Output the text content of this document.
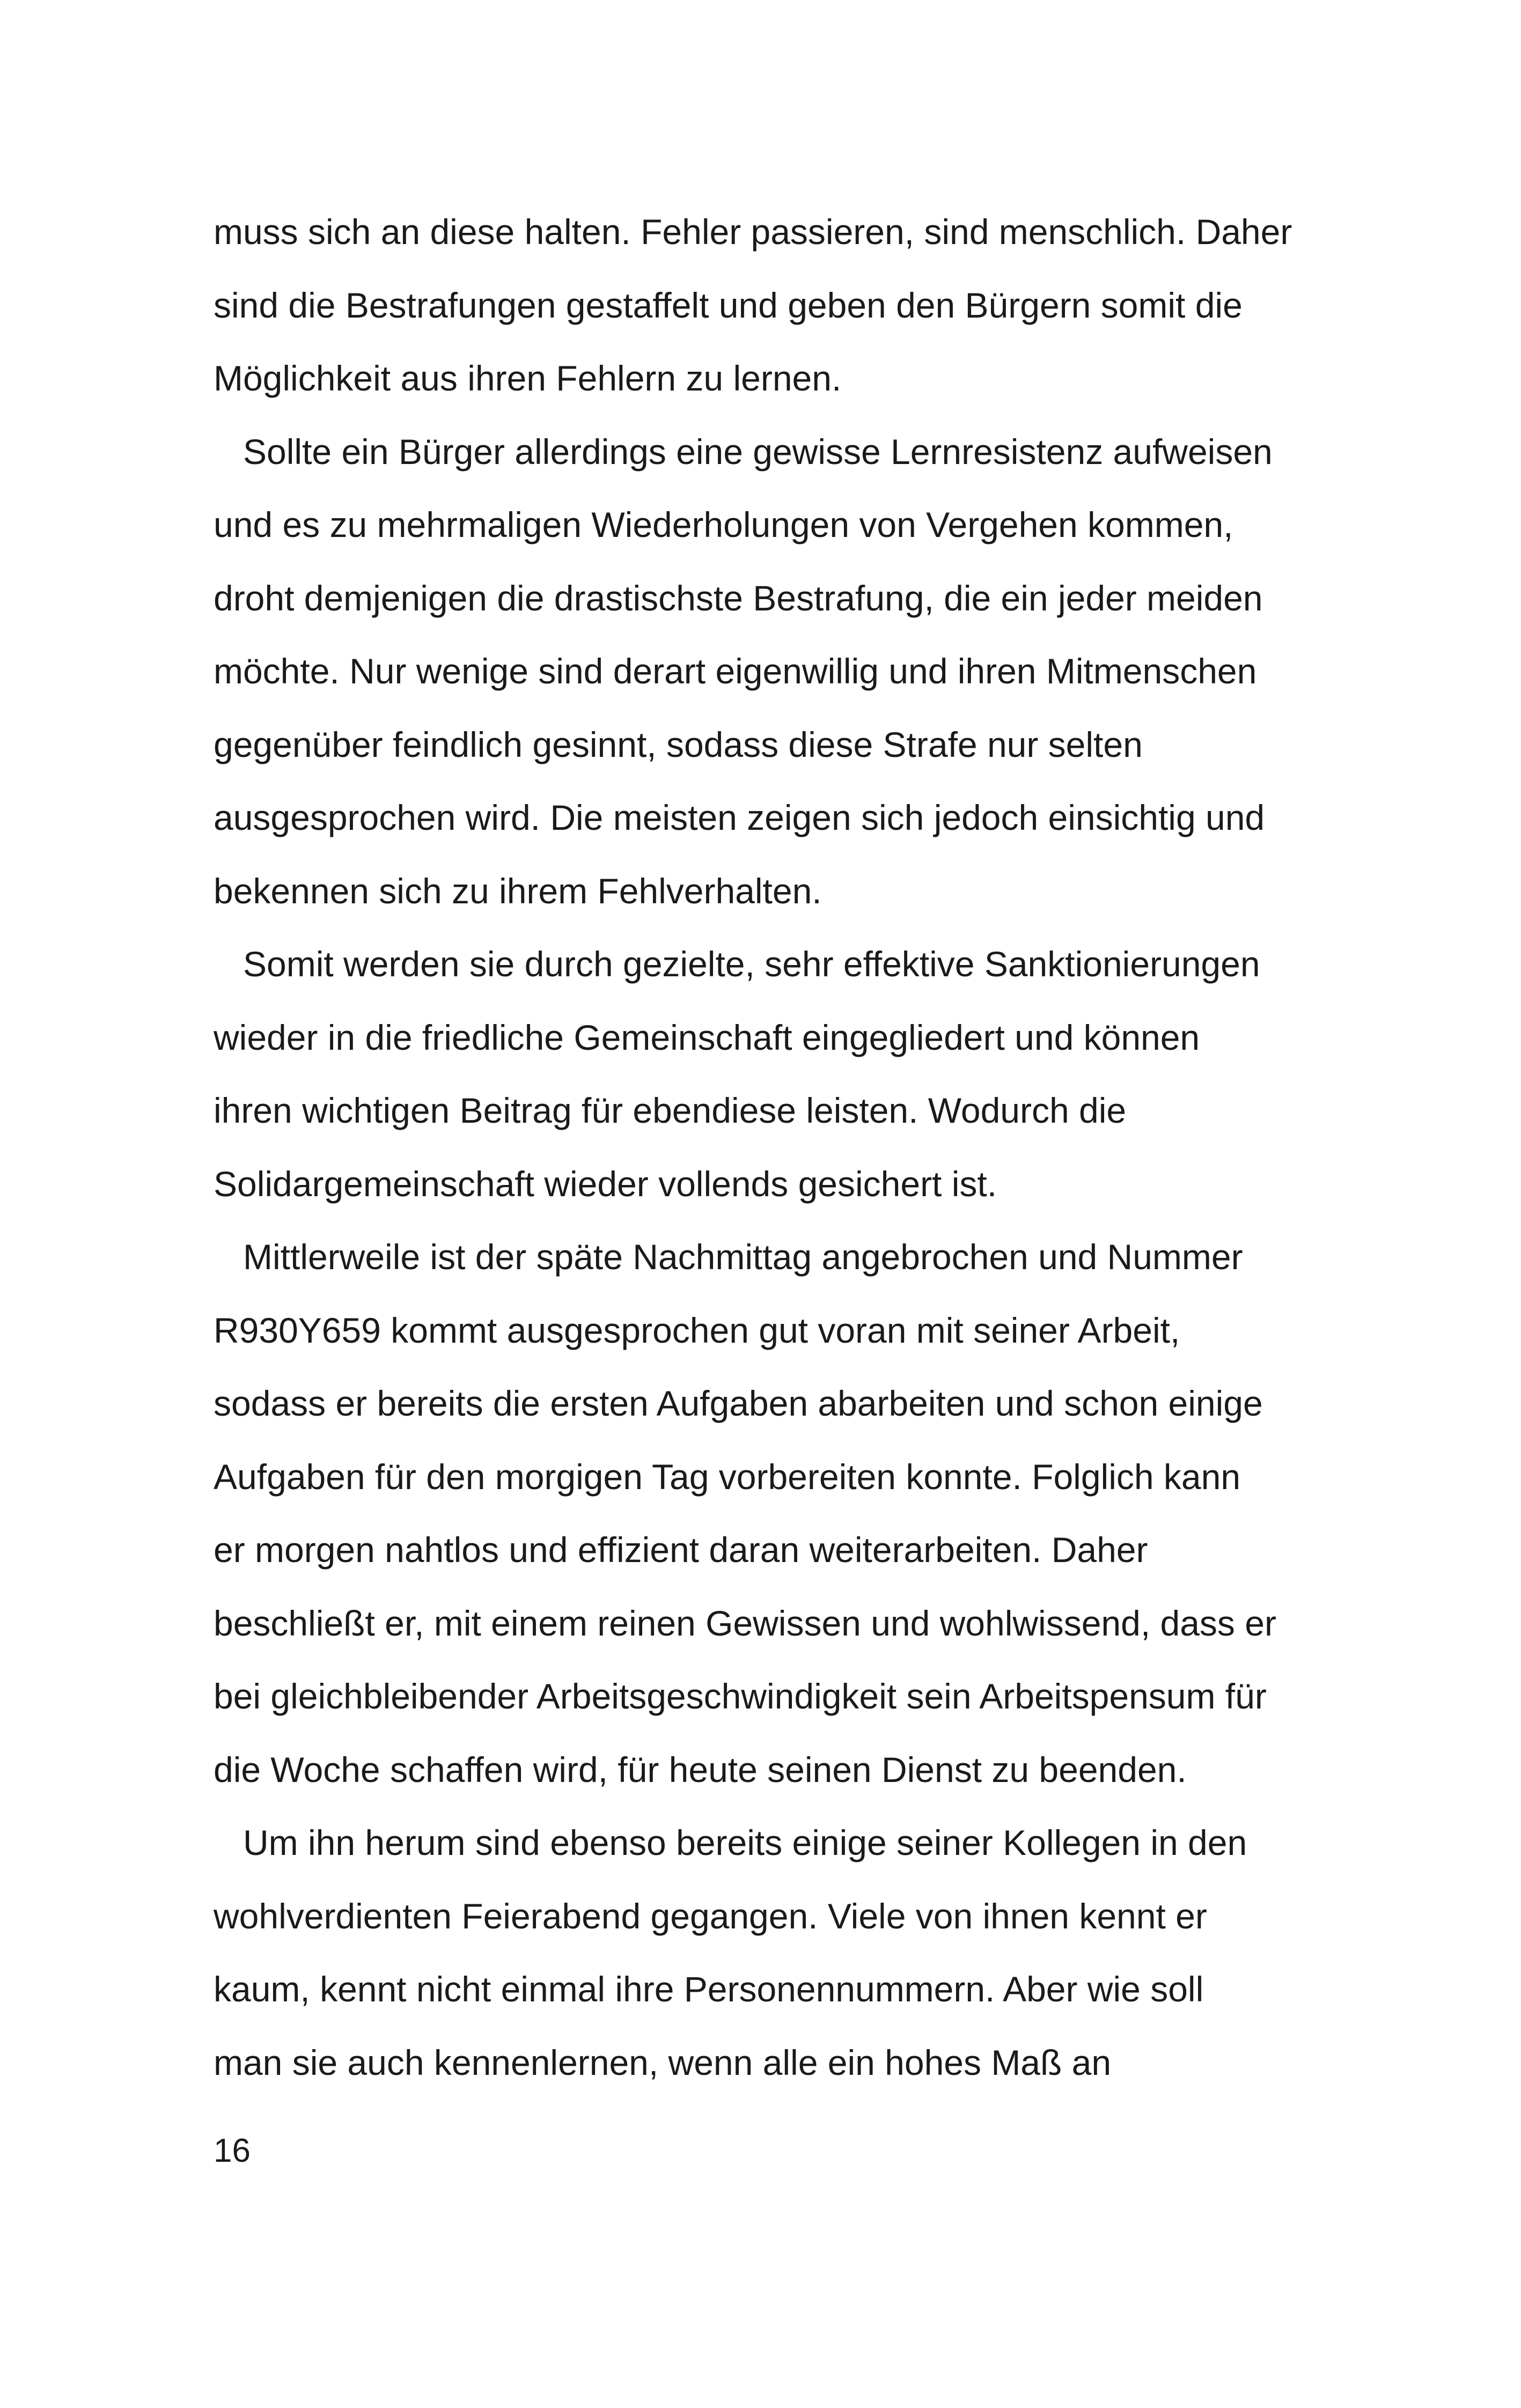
muss sich an diese halten. Fehler passieren, sind menschlich. Daher
sind die Bestrafungen gestaffelt und geben den Bürgern somit die
Möglichkeit aus ihren Fehlern zu lernen.
Sollte ein Bürger allerdings eine gewisse Lernresistenz aufweisen
und es zu mehrmaligen Wiederholungen von Vergehen kommen,
droht demjenigen die drastischste Bestrafung, die ein jeder meiden
möchte. Nur wenige sind derart eigenwillig und ihren Mitmenschen
gegenüber feindlich gesinnt, sodass diese Strafe nur selten
ausgesprochen wird. Die meisten zeigen sich jedoch einsichtig und
bekennen sich zu ihrem Fehlverhalten.
Somit werden sie durch gezielte, sehr effektive Sanktionierungen
wieder in die friedliche Gemeinschaft eingegliedert und können
ihren wichtigen Beitrag für ebendiese leisten. Wodurch die
Solidargemeinschaft wieder vollends gesichert ist.
Mittlerweile ist der späte Nachmittag angebrochen und Nummer
R930Y659 kommt ausgesprochen gut voran mit seiner Arbeit,
sodass er bereits die ersten Aufgaben abarbeiten und schon einige
Aufgaben für den morgigen Tag vorbereiten konnte. Folglich kann
er morgen nahtlos und effizient daran weiterarbeiten. Daher
beschließt er, mit einem reinen Gewissen und wohlwissend, dass er
bei gleichbleibender Arbeitsgeschwindigkeit sein Arbeitspensum für
die Woche schaffen wird, für heute seinen Dienst zu beenden.
Um ihn herum sind ebenso bereits einige seiner Kollegen in den
wohlverdienten Feierabend gegangen. Viele von ihnen kennt er
kaum, kennt nicht einmal ihre Personennummern. Aber wie soll
man sie auch kennenlernen, wenn alle ein hohes Maß an
16
